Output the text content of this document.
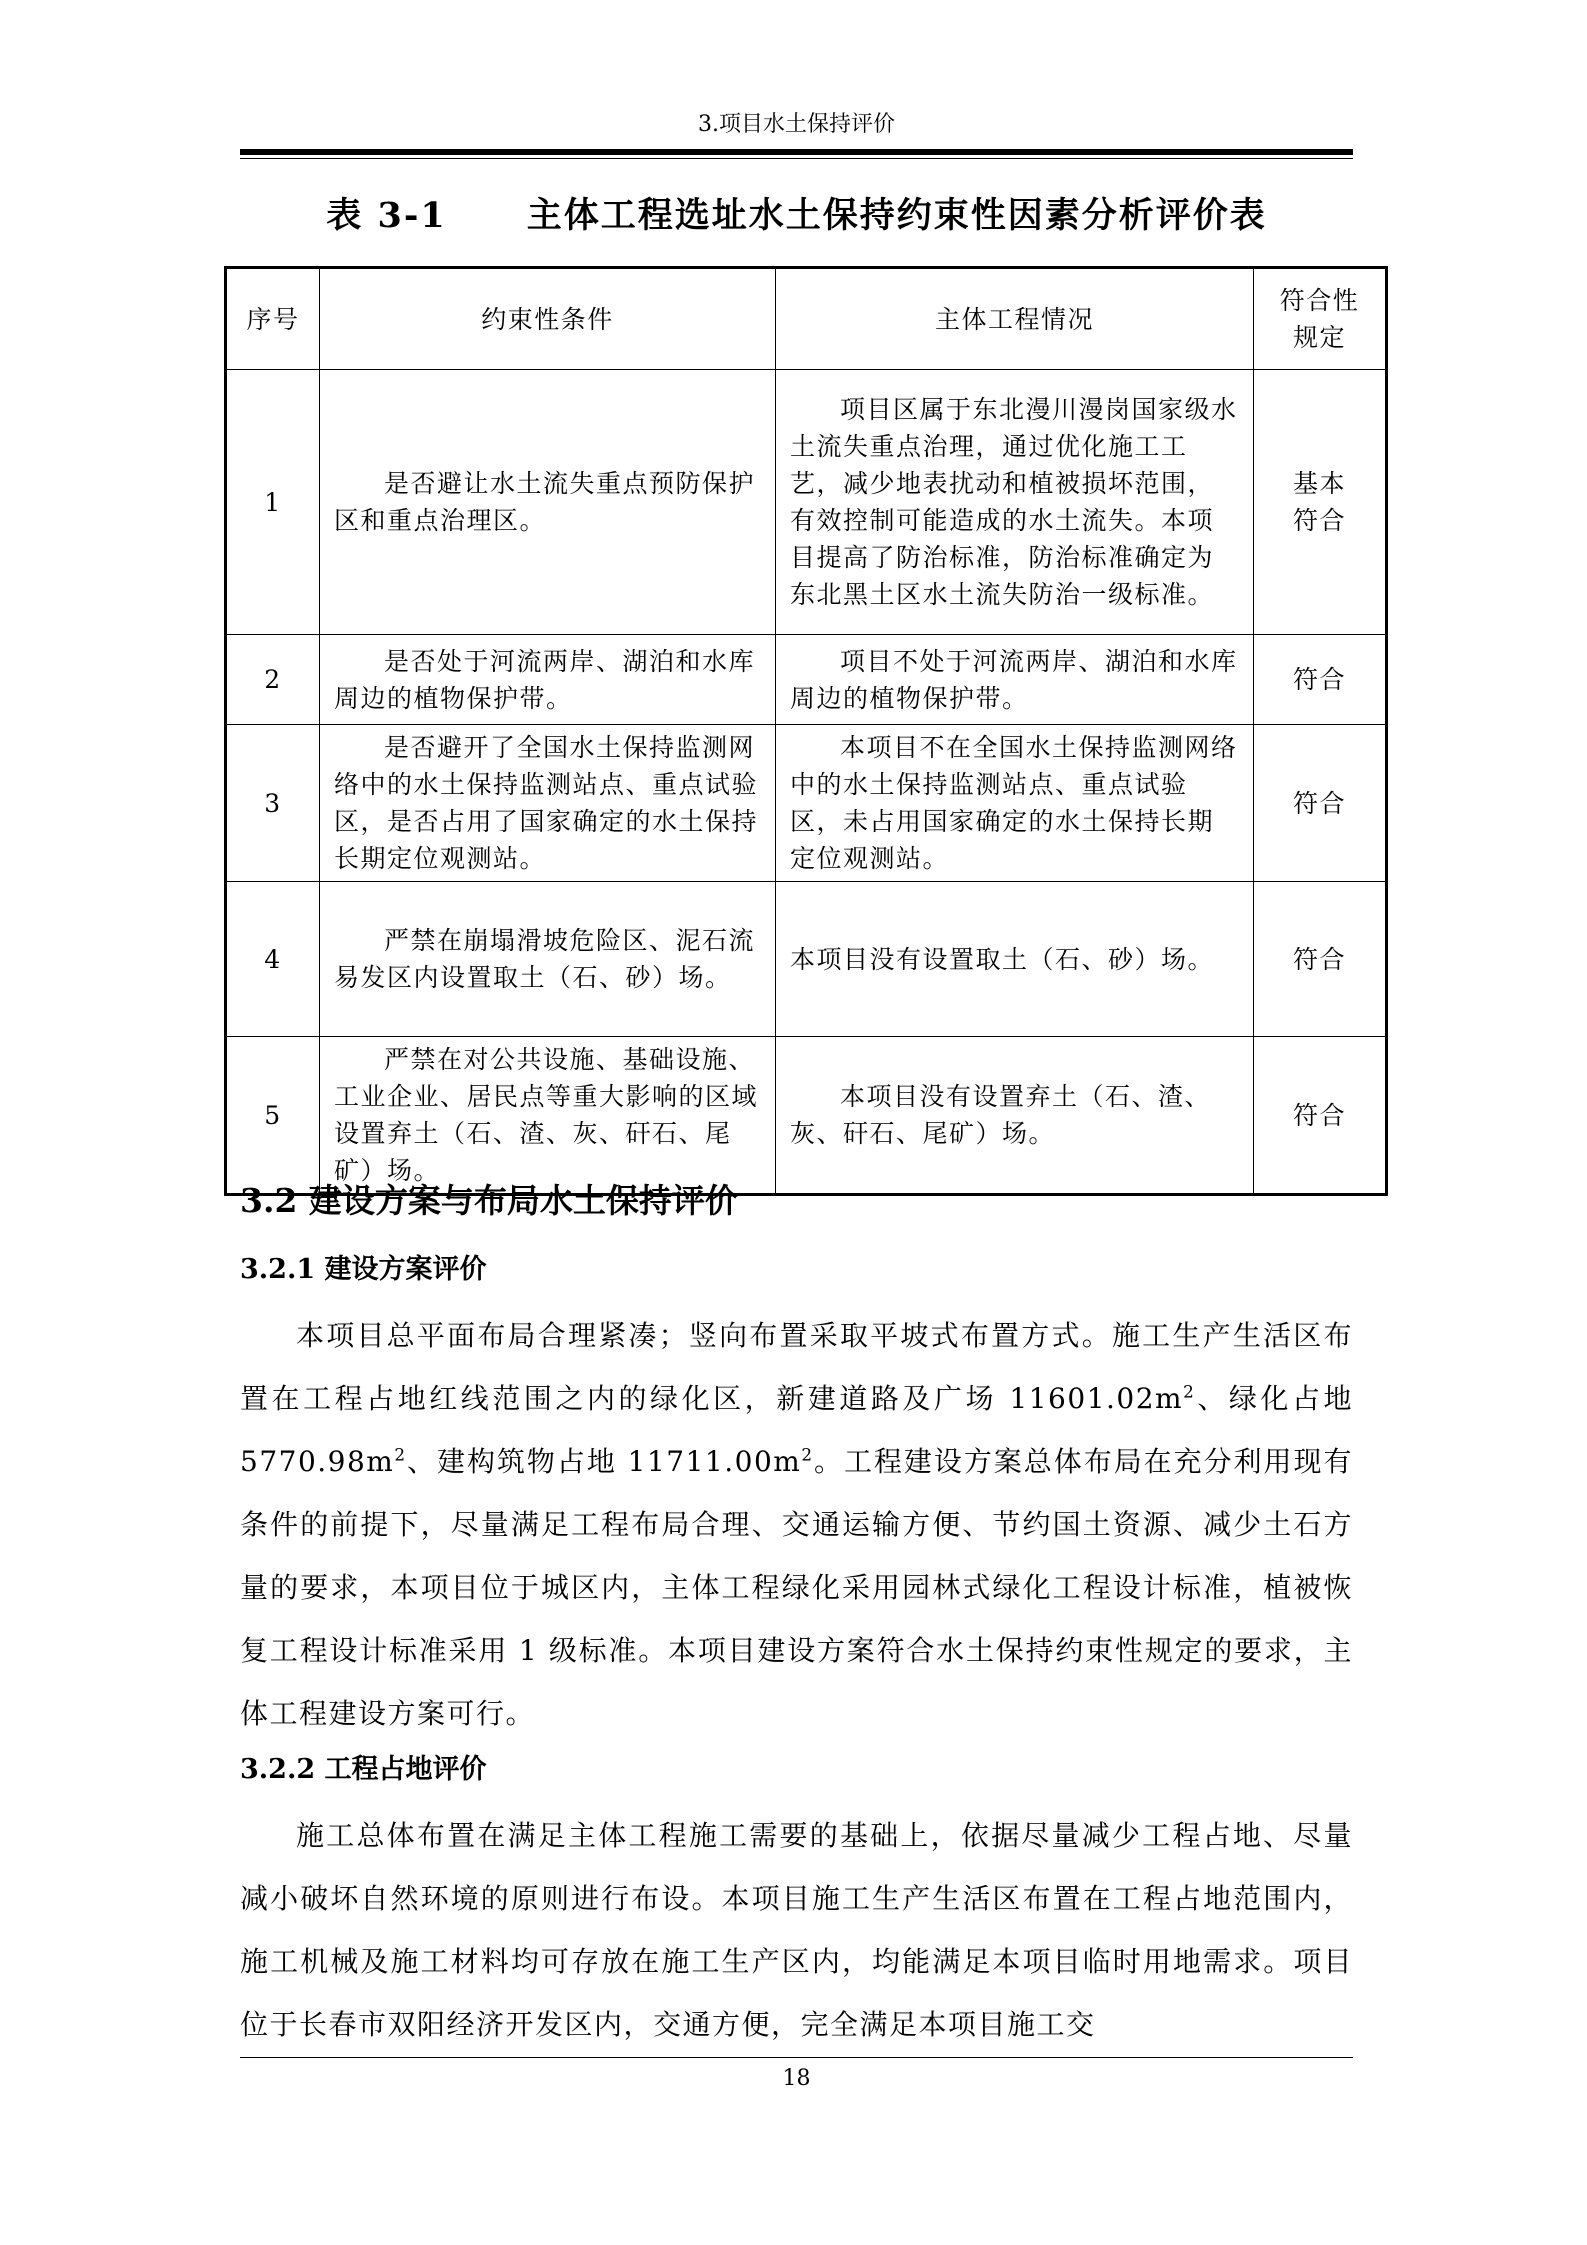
3.项目水土保持评价
表 3-1 主体工程选址水土保持约束性因素分析评价表
序号	约束性条件	主体工程情况	符合性
规定
1	是否避让水土流失重点预防保护区和重点治理区。	项目区属于东北漫川漫岗国家级水土流失重点治理，通过优化施工工艺，减少地表扰动和植被损坏范围，有效控制可能造成的水土流失。本项目提高了防治标准，防治标准确定为东北黑土区水土流失防治一级标准。	基本符合
2	是否处于河流两岸、湖泊和水库周边的植物保护带。	项目不处于河流两岸、湖泊和水库周边的植物保护带。	符合
3	是否避开了全国水土保持监测网络中的水土保持监测站点、重点试验区，是否占用了国家确定的水土保持长期定位观测站。	本项目不在全国水土保持监测网络中的水土保持监测站点、重点试验区，未占用国家确定的水土保持长期定位观测站。	符合
4	严禁在崩塌滑坡危险区、泥石流易发区内设置取土（石、砂）场。	本项目没有设置取土（石、砂）场。	符合
5	严禁在对公共设施、基础设施、工业企业、居民点等重大影响的区域设置弃土（石、渣、灰、矸石、尾矿）场。	本项目没有设置弃土（石、渣、灰、矸石、尾矿）场。	符合
3.2 建设方案与布局水土保持评价
3.2.1 建设方案评价

本项目总平面布局合理紧凑；竖向布置采取平坡式布置方式。施工生产生活区布置在工程占地红线范围之内的绿化区，新建道路及广场 $11601.02m^2$、绿化占地 $5770.98m^2$、建构筑物占地 $11711.00m^2$。工程建设方案总体布局在充分利用现有条件的前提下，尽量满足工程布局合理、交通运输方便、节约国土资源、减少土石方量的要求，本项目位于城区内，主体工程绿化采用园林式绿化工程设计标准，植被恢复工程设计标准采用 1 级标准。本项目建设方案符合水土保持约束性规定的要求，主体工程建设方案可行。

3.2.2 工程占地评价

施工总体布置在满足主体工程施工需要的基础上，依据尽量减少工程占地、尽量减小破坏自然环境的原则进行布设。本项目施工生产生活区布置在工程占地范围内，施工机械及施工材料均可存放在施工生产区内，均能满足本项目临时用地需求。项目位于长春市双阳经济开发区内，交通方便，完全满足本项目施工交

18
